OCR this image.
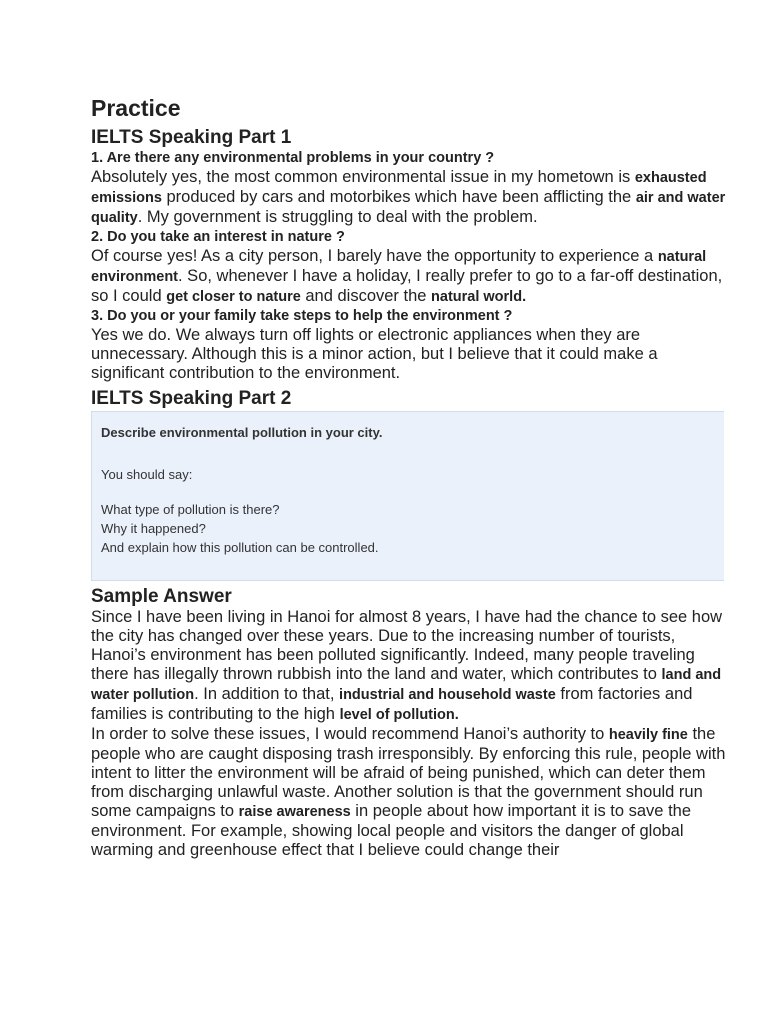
Practice
IELTS Speaking Part 1

1. Are there any environmental problems in your country ?

Absolutely yes, the most common environmental issue in my hometown is exhausted emissions produced by cars and motorbikes which have been afflicting the air and water quality. My government is struggling to deal with the problem.

2. Do you take an interest in nature ?

Of course yes! As a city person, I barely have the opportunity to experience a natural environment. So, whenever I have a holiday, I really prefer to go to a far-off destination, so I could get closer to nature and discover the natural world.

3. Do you or your family take steps to help the environment ?

Yes we do. We always turn off lights or electronic appliances when they are unnecessary. Although this is a minor action, but I believe that it could make a significant contribution to the environment.

IELTS Speaking Part 2

Describe environmental pollution in your city.

You should say:

What type of pollution is there?
Why it happened?
And explain how this pollution can be controlled.
Sample Answer

Since I have been living in Hanoi for almost 8 years, I have had the chance to see how the city has changed over these years. Due to the increasing number of tourists, Hanoi’s environment has been polluted significantly. Indeed, many people traveling there has illegally thrown rubbish into the land and water, which contributes to land and water pollution. In addition to that, industrial and household waste from factories and families is contributing to the high level of pollution.

In order to solve these issues, I would recommend Hanoi’s authority to heavily fine the people who are caught disposing trash irresponsibly. By enforcing this rule, people with intent to litter the environment will be afraid of being punished, which can deter them from discharging unlawful waste. Another solution is that the government should run some campaigns to raise awareness in people about how important it is to save the environment. For example, showing local people and visitors the danger of global warming and greenhouse effect that I believe could change their
